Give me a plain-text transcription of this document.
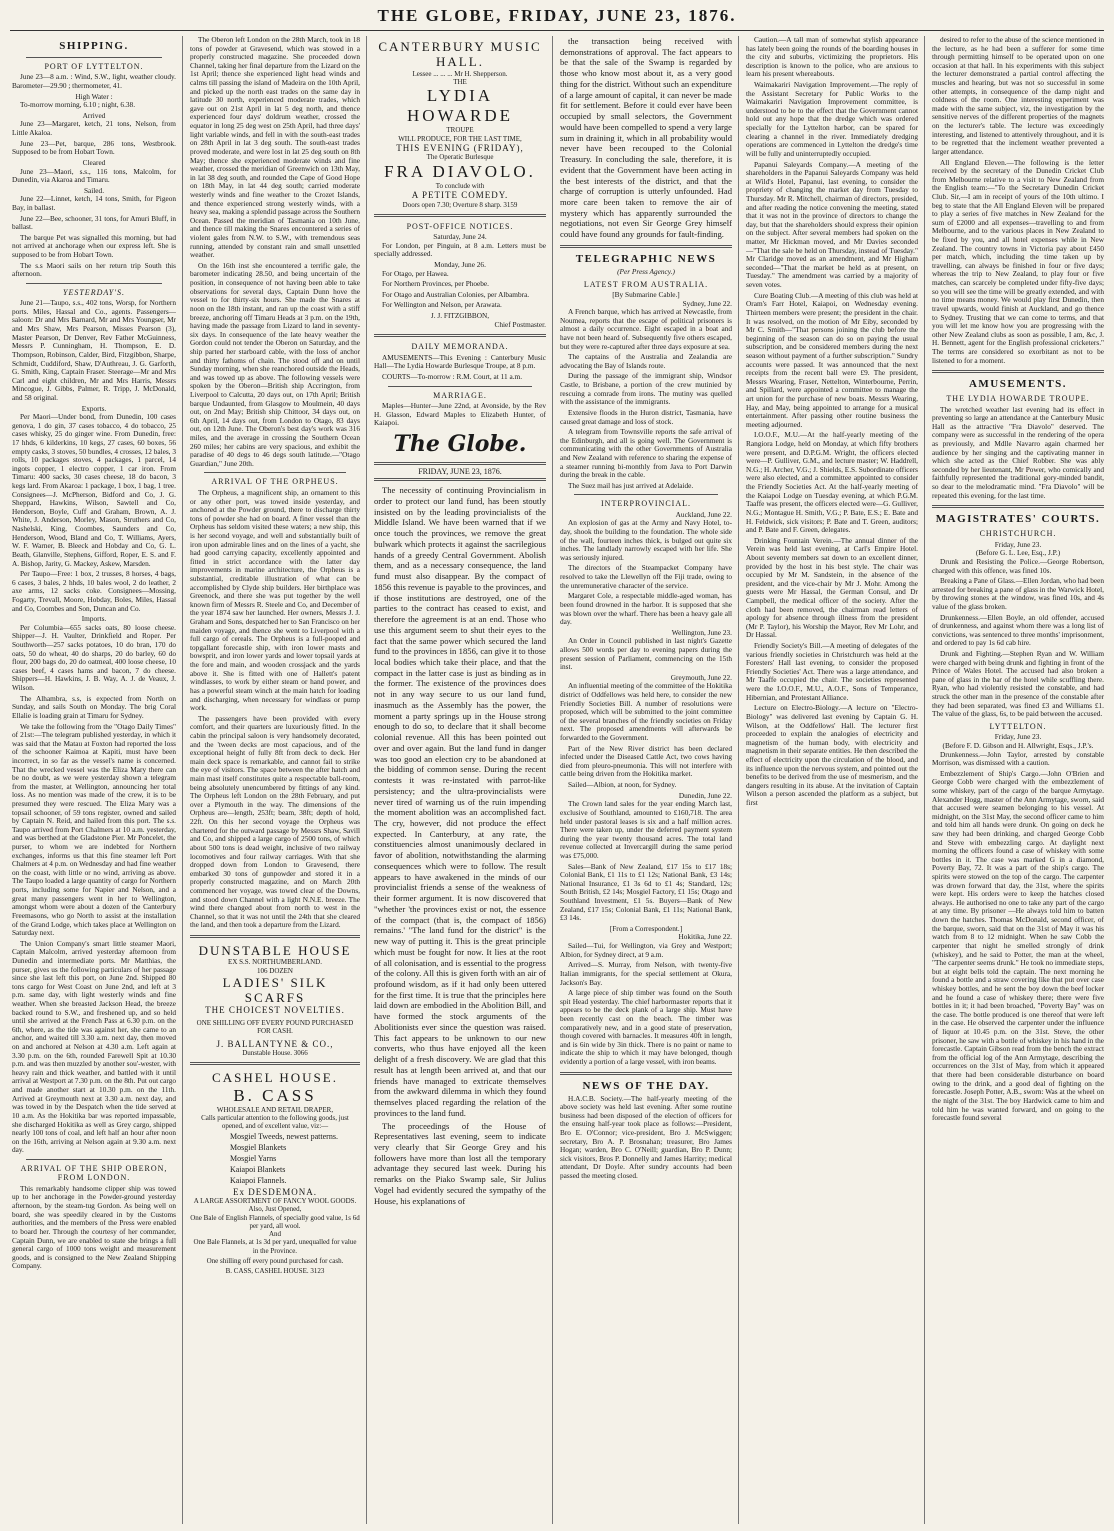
THE GLOBE, FRIDAY, JUNE 23, 1876.
SHIPPING.
PORT OF LYTTELTON.

June 23—8 a.m. : Wind, S.W., light, weather cloudy. Barometer—29.90 ; thermometer, 41.

High Water :

To-morrow morning, 6.10 ; night, 6.38.

Arrived

June 23—Margaret, ketch, 21 tons, Nelson, from Little Akaloa.

June 23—Pet, barque, 286 tons, Westbrook. Supposed to be from Hobart Town.

Cleared

June 23—Maori, s.s., 116 tons, Malcolm, for Dunedin, via Akaroa and Timaru.

Sailed.

June 22—Linnet, ketch, 14 tons, Smith, for Pigeon Bay, in ballast.

June 22—Bee, schooner, 31 tons, for Amuri Bluff, in ballast.

The barque Pet was signalled this morning, but had not arrived at anchorage when our express left. She is supposed to be from Hobart Town.

The s.s Maori sails on her return trip South this afternoon.

YESTERDAY'S.

June 21—Taupo, s.s., 402 tons, Worsp, for Northern ports. Miles, Hassal and Co., agents. Passengers—saloon: Dr and Mrs Barnard, Mr and Mrs Youngser, Mr and Mrs Shaw, Mrs Pearson, Misses Pearson (3), Master Pearson, Dr Denver, Rev Father McGuinness, Messrs P. Cunningham, H. Thompson, E. D. Thompson, Robinson, Calder, Bird, Fitzgibbon, Sharpe, Schmidt, Cuddiford, Shaw, D'Authreau, J. G. Garforth, G. Smith, King, Captain Fraser. Steerage—Mr and Mrs Carl and eight children, Mr and Mrs Harris, Messrs Mincogue, J. Gibbs, Palmer, R. Tripp, J. McDonald, and 58 original.

Exports.

Per Maori—Under bond, from Dunedin, 100 cases genova, 1 do gin, 37 cases tobacco, 4 do tobacco, 25 cases whisky, 25 do ginger wine. From Dunedin, free: 17 hhds, 6 kilderkins, 10 kegs, 27 cases, 60 boxes, 56 empty casks, 3 stoves, 50 bundles, 4 crosses, 12 bales, 3 rolls, 10 packages stoves, 4 packages, 1 parcel, 14 ingots copper, 1 electro copper, 1 car iron. From Timaru: 400 sacks, 30 cases cheese, 18 do bacon, 3 kegs lard. From Akaroa: 1 package, 1 box, 1 bag, 1 tree. Consignees—J. McPherson, Bidford and Co, J. G. Sheppard, Hawkins, Wilson, Sawtell and Co, Henderson, Boyle, Cuff and Graham, Brown, A. J. White, J. Anderson, Morley, Mason, Struthers and Co, Nashelski, King, Coombes, Saunders and Co, Henderson, Wood, Bland and Co, T. Williams, Ayers, W. F. Warner, B. Bleeck and Hobday and Co, G. L. Beath, Glanville, Stephens, Gifford, Roper, E. S. and F. A. Bishop, Jarity, G. Mackey, Askew, Marsden.

Per Taupo—Free: 1 box, 2 trusses, 8 horses, 4 bags, 6 cases, 3 bales, 2 hhds, 10 bales wool, 2 do leather, 2 axe arms, 12 sacks coke. Consignees—Mossing, Fogarty, Trevall, Moore, Hobday, Boles, Miles, Hassal and Co, Coombes and Son, Duncan and Co.

Imports.

Per Columbia—655 sacks oats, 80 loose cheese. Shipper—J. H. Vaulter, Drinkfield and Roper. Per Southworth—257 sacks potatoes, 10 do bran, 170 do oats, 50 do wheat, 40 do sharps, 20 do barley, 60 do flour, 200 bags do, 20 do oatmeal, 400 loose cheese, 10 cases beef, 4 cases hams and bacon, 7 do cheese. Shippers—H. Hawkins, J. B. Way, A. J. de Veaux, J. Wilson.

The Alhambra, s.s, is expected from North on Sunday, and sails South on Monday. The brig Coral Ellalie is loading grain at Timaru for Sydney.

We take the following from the "Otago Daily Times" of 21st:—The telegram published yesterday, in which it was said that the Matau at Foxton had reported the loss of the schooner Kaimoa at Kapiti, must have been incorrect, in so far as the vessel's name is concerned. That the wrecked vessel was the Eliza Mary there can be no doubt, as we were yesterday shown a telegram from the master, at Wellington, announcing her total loss. As no mention was made of the crew, it is to be presumed they were rescued. The Eliza Mary was a topsail schooner, of 59 tons register, owned and sailed by Captain N. Reid, and hailed from this port. The s.s. Taupo arrived from Port Chalmers at 10 a.m. yesterday, and was berthed at the Gladstone Pier. Mr Poncelet, the purser, to whom we are indebted for Northern exchanges, informs us that this fine steamer left Port Chalmers at 4 p.m. on Wednesday and had fine weather on the coast, with little or no wind, arriving as above. The Taupo loaded a large quantity of cargo for Northern ports, including some for Napier and Nelson, and a great many passengers went in her to Wellington, amongst whom were about a dozen of the Canterbury Freemasons, who go North to assist at the installation of the Grand Lodge, which takes place at Wellington on Saturday next.

The Union Company's smart little steamer Maori, Captain Malcolm, arrived yesterday afternoon from Dunedin and intermediate ports. Mr Matthias, the purser, gives us the following particulars of her passage since she last left this port, on June 2nd. Shipped 80 tons cargo for West Coast on June 2nd, and left at 3 p.m. same day, with light westerly winds and fine weather. When she breasted Jackson Head, the breeze backed round to S.W., and freshened up, and so held until she arrived at the French Pass at 6.30 p.m. on the 6th, where, as the tide was against her, she came to an anchor, and waited till 3.30 a.m. next day, then moved on and anchored at Nelson at 4.30 a.m. Left again at 3.30 p.m. on the 6th, rounded Farewell Spit at 10.30 p.m. and was then muzzled by another sou'-wester, with heavy rain and thick weather, and battled with it until arrival at Westport at 7.30 p.m. on the 8th. Put out cargo and made another start at 10.30 p.m. on the 11th. Arrived at Greymouth next at 3.30 a.m. next day, and was towed in by the Despatch when the tide served at 10 a.m. As the Hokitika bar was reported impassable, she discharged Hokitika as well as Grey cargo, shipped nearly 100 tons of coal, and left half an hour after noon on the 16th, arriving at Nelson again at 9.30 a.m. next day.

ARRIVAL OF THE SHIP OBERON, FROM LONDON.

This remarkably handsome clipper ship was towed up to her anchorage in the Powder-ground yesterday afternoon, by the steam-tug Gordon. As being well on board, she was speedily cleared in by the Customs authorities, and the members of the Press were enabled to board her. Through the courtesy of her commander, Captain Dunn, we are enabled to state she brings a full general cargo of 1000 tons weight and measurement goods, and is consigned to the New Zealand Shipping Company.

The Oberon left London on the 28th March, took in 18 tons of powder at Gravesend, which was stowed in a properly constructed magazine. She proceeded down Channel, taking her final departure from the Lizard on the 1st April; thence she experienced light head winds and calms till passing the island of Madeira on the 10th April, and picked up the north east trades on the same day in latitude 30 north, experienced moderate trades, which gave out on 21st April in lat 5 deg north, and thence experienced four days' doldrum weather, crossed the equator in long 25 deg west on 25th April, had three days' light variable winds, and fell in with the south-east trades on 28th April in lat 3 deg south. The south-east trades proved moderate, and were lost in lat 25 deg south on 8th May; thence she experienced moderate winds and fine weather, crossed the meridian of Greenwich on 13th May, in lat 38 deg south, and rounded the Cape of Good Hope on 18th May, in lat 44 deg south; carried moderate westerly winds and fine weather to the Crozet Islands, and thence experienced strong westerly winds, with a heavy sea, making a splendid passage across the Southern Ocean. Passed the meridian of Tasmania on 10th June, and thence till making the Snares encountered a series of violent gales from N.W. to S.W., with tremendous seas running, attended by constant rain and small unsettled weather.

On the 16th inst she encountered a terrific gale, the barometer indicating 28.50, and being uncertain of the position, in consequence of not having been able to take observations for several days, Captain Dunn hove the vessel to for thirty-six hours. She made the Snares at noon on the 18th instant, and ran up the coast with a stiff breeze, anchoring off Timaru Heads at 3 p.m. on the 19th, having made the passage from Lizard to land in seventy-six days. In consequence of the late heavy weather the Gordon could not tender the Oberon on Saturday, and the ship parted her starboard cable, with the loss of anchor and thirty fathoms of chain. The stood off and on until Sunday morning, when she reanchored outside the Heads, and was towed up as above. The following vessels were spoken by the Oberon—British ship Accrington, from Liverpool to Calcutta, 20 days out, on 17th April; British barque Undaunted, from Glasgow to Moulmein, 40 days out, on 2nd May; British ship Chittoor, 34 days out, on 6th April, 14 days out, from London to Otago, 83 days out, on 12th June. The Oberon's best day's work was 316 miles, and the average in crossing the Southern Ocean 260 miles; her cabins are very spacious, and exhibit the paradise of 40 degs to 46 degs south latitude.—"Otago Guardian," June 20th.

ARRIVAL OF THE ORPHEUS.

The Orpheus, a magnificent ship, an ornament to this or any other port, was towed inside yesterday, and anchored at the Powder ground, there to discharge thirty tons of powder she had on board. A finer vessel than the Orpheus has seldom visited these waters; a new ship, this is her second voyage, and well and substantially built of iron upon admirable lines and on the lines of a yacht, she had good carrying capacity, excellently appointed and fitted in strict accordance with the latter day improvements in marine architecture, the Orpheus is a substantial, creditable illustration of what can be accomplished by Clyde ship builders. Her birthplace was Greenock, and there she was put together by the well known firm of Messrs R. Steele and Co, and December of the year 1874 saw her launched. Her owners, Messrs J. J. Graham and Sons, despatched her to San Francisco on her maiden voyage, and thence she went to Liverpool with a full cargo of cereals. The Orpheus is a full-pooped and topgallant forecastle ship, with iron lower masts and bowsprit, and iron lower yards and lower topsail yards at the fore and main, and wooden crossjack and the yards above it. She is fitted with one of Hallett's patent windlasses, to work by either steam or hand power, and has a powerful steam winch at the main hatch for loading and discharging, when necessary for windlass or pump work.

The passengers have been provided with every comfort, and their quarters are luxuriously fitted. In the cabin the principal saloon is very handsomely decorated, and the 'tween decks are most capacious, and of the exceptional height of fully 8ft from deck to deck. Her main deck space is remarkable, and cannot fail to strike the eye of visitors. The space between the after hatch and main mast itself constitutes quite a respectable ball-room, being absolutely unencumbered by fittings of any kind. The Orpheus left London on the 28th February, and put over a Plymouth in the way. The dimensions of the Orpheus are—length, 253ft; beam, 38ft; depth of hold, 22ft. On this her second voyage the Orpheus was chartered for the outward passage by Messrs Shaw, Savill and Co, and shipped a large cargo of 2500 tons, of which about 500 tons is dead weight, inclusive of two railway locomotives and four railway carriages. With that she dropped down from London to Gravesend, there embarked 30 tons of gunpowder and stored it in a properly constructed magazine, and on March 20th commenced her voyage, was towed clear of the Downs, and stood down Channel with a light N.N.E. breeze. The wind there changed about from north to west in the Channel, so that it was not until the 24th that she cleared the land, and then took a departure from the Lizard.

DUNSTABLE HOUSE
EX S.S. NORTHUMBERLAND.
106 DOZEN
LADIES' SILK SCARFS
THE CHOICEST NOVELTIES.
ONE SHILLING OFF EVERY POUND PURCHASED FOR CASH.
J. BALLANTYNE & CO.,
Dunstable House. 3066
CASHEL HOUSE.
B. CASS
WHOLESALE AND RETAIL DRAPER,
Calls particular attention to the following goods, just opened, and of excellent value, viz:—
Mosgiel Tweeds, newest patterns.
Mosgiel Blankets
Mosgiel Yarns
Kaiapoi Blankets
Kaiapoi Flannels.
Ex DESDEMONA.
A LARGE ASSORTMENT OF FANCY WOOL GOODS.
Also, Just Opened,
One Bale of English Flannels, of specially good value, 1s 6d per yard, all wool.
And
One Bale Flannels, at 1s 3d per yard, unequalled for value in the Province.
One shilling off every pound purchased for cash.
B. CASS, CASHEL HOUSE. 3123
CANTERBURY MUSIC HALL.
Lessee ... ... ... Mr H. Shepperson.
THE
LYDIA HOWARDE
TROUPE
WILL PRODUCE, FOR THE LAST TIME,
THIS EVENING (FRIDAY),
The Operatic Burlesque
FRA DIAVOLO.
To conclude with
A PETITE COMEDY.
Doors open 7.30; Overture 8 sharp. 3159
POST-OFFICE NOTICES.
Saturday, June 24.

For London, per Pinguin, at 8 a.m. Letters must be specially addressed.

Monday, June 26.

For Otago, per Hawea.

For Northern Provinces, per Phoebe.

For Otago and Australian Colonies, per Albambra.

For Wellington and Nelson, per Arawata.

J. J. FITZGIBBON,
Chief Postmaster.
DAILY MEMORANDA.

AMUSEMENTS—This Evening : Canterbury Music Hall—The Lydia Howarde Burlesque Troupe, at 8 p.m.

COURTS—To-morrow : R.M. Court, at 11 a.m.

MARRIAGE.

Maples—Hunter—June 22nd, at Avonside, by the Rev H. Glasson, Edward Maples to Elizabeth Hunter, of Kaiapoi.

The Globe.
FRIDAY, JUNE 23, 1876.

The necessity of continuing Provincialism in order to protect our land fund, has been stoutly insisted on by the leading provincialists of the Middle Island. We have been warned that if we once touch the provinces, we remove the great bulwark which protects it against the sacrilegious hands of a greedy Central Government. Abolish them, and as a necessary consequence, the land fund must also disappear. By the compact of 1856 this revenue is payable to the provinces, and if those institutions are destroyed, one of the parties to the contract has ceased to exist, and therefore the agreement is at an end. Those who use this argument seem to shut their eyes to the fact that the same power which secured the land fund to the provinces in 1856, can give it to those local bodies which take their place, and that the compact in the latter case is just as binding as in the former. The existence of the provinces does not in any way secure to us our land fund, inasmuch as the Assembly has the power, the moment a party springs up in the House strong enough to do so, to declare that it shall become colonial revenue. All this has been pointed out over and over again. But the land fund in danger was too good an election cry to be abandoned at the bidding of common sense. During the recent contests it was re-instated with parrot-like persistency; and the ultra-provincialists were never tired of warning us of the ruin impending the moment abolition was an accomplished fact. The cry, however, did not produce the effect expected. In Canterbury, at any rate, the constituencies almost unanimously declared in favor of abolition, notwithstanding the alarming consequences which were to follow. The result appears to have awakened in the minds of our provincialist friends a sense of the weakness of their former argument. It is now discovered that "whether 'the provinces exist or not, the essence of the compact (that is, the compact of 1856) remains.' "The land fund for the district" is the new way of putting it. This is the great principle which must be fought for now. It lies at the root of all colonisation, and is essential to the progress of the colony. All this is given forth with an air of profound wisdom, as if it had only been uttered for the first time. It is true that the principles here laid down are embodied in the Abolition Bill, and have formed the stock arguments of the Abolitionists ever since the question was raised. This fact appears to be unknown to our new converts, who thus have enjoyed all the keen delight of a fresh discovery. We are glad that this result has at length been arrived at, and that our friends have managed to extricate themselves from the awkward dilemma in which they found themselves placed regarding the relation of the provinces to the land fund.

The proceedings of the House of Representatives last evening, seem to indicate very clearly that Sir George Grey and his followers have more than lost all the temporary advantage they secured last week. During his remarks on the Piako Swamp sale, Sir Julius Vogel had evidently secured the sympathy of the House, his explanations of

the transaction being received with demonstrations of approval. The fact appears to be that the sale of the Swamp is regarded by those who know most about it, as a very good thing for the district. Without such an expenditure of a large amount of capital, it can never be made fit for settlement. Before it could ever have been occupied by small selectors, the Government would have been compelled to spend a very large sum in draining it, which in all probability would never have been recouped to the Colonial Treasury. In concluding the sale, therefore, it is evident that the Government have been acting in the best interests of the district, and that the charge of corruption is utterly unfounded. Had more care been taken to remove the air of mystery which has apparently surrounded the negotiations, not even Sir George Grey himself could have found any grounds for fault-finding.

TELEGRAPHIC NEWS
(Per Press Agency.)
LATEST FROM AUSTRALIA.
[By Submarine Cable.]
Sydney, June 22.

A French barque, which has arrived at Newcastle, from Noumea, reports that the escape of political prisoners is almost a daily occurrence. Eight escaped in a boat and have not been heard of. Subsequently five others escaped, but they were re-captured after three days exposure at sea.

The captains of the Australia and Zealandia are advocating the Bay of Islands route.

During the passage of the immigrant ship, Windsor Castle, to Brisbane, a portion of the crew mutinied by rescuing a comrade from irons. The mutiny was quelled with the assistance of the immigrants.

Extensive floods in the Huron district, Tasmania, have caused great damage and loss of stock.

A telegram from Townsville reports the safe arrival of the Edinburgh, and all is going well. The Government is communicating with the other Governments of Australia and New Zealand with reference to sharing the expense of a steamer running bi-monthly from Java to Port Darwin during the break in the cable.

The Suez mail has just arrived at Adelaide.

INTERPROVINCIAL.
Auckland, June 22.

An explosion of gas at the Army and Navy Hotel, to-day, shook the building to the foundation. The whole side of the wall, fourteen inches thick, is bulged out quite six inches. The landlady narrowly escaped with her life. She was seriously injured.

The directors of the Steampacket Company have resolved to take the Llewellyn off the Fiji trade, owing to the unremunerative character of the service.

Margaret Cole, a respectable middle-aged woman, has been found drowned in the harbor. It is supposed that she was blown over the wharf. There has been a heavy gale all day.

Wellington, June 23.

An Order in Council published in last night's Gazette allows 500 words per day to evening papers during the present session of Parliament, commencing on the 15th inst.

Greymouth, June 22.

An influential meeting of the committee of the Hokitika district of Oddfellows was held here, to consider the new Friendly Societies Bill. A number of resolutions were proposed, which will be submitted to the joint committee of the several branches of the friendly societies on Friday next. The proposed amendments will afterwards be forwarded to the Government.

Part of the New River district has been declared infected under the Diseased Cattle Act, two cows having died from pleuro-pneumonia. This will not interfere with cattle being driven from the Hokitika market.

Sailed—Albion, at noon, for Sydney.

Dunedin, June 22.

The Crown land sales for the year ending March last, exclusive of Southland, amounted to £160,718. The area held under pastoral leases is six and a half million acres. There were taken up, under the deferred payment system during the year twenty thousand acres. The total land revenue collected at Invercargill during the same period was £75,000.

Sales—Bank of New Zealand, £17 15s to £17 18s; Colonial Bank, £1 11s to £1 12s; National Bank, £3 14s; National Insurance, £1 3s 6d to £1 4s; Standard, 12s; South British, £2 14s; Mosgiel Factory, £1 15s; Otago and Southland Investment, £1 5s. Buyers—Bank of New Zealand, £17 15s; Colonial Bank, £1 11s; National Bank, £3 14s.

[From a Correspondent.]
Hokitika, June 22.

Sailed—Tui, for Wellington, via Grey and Westport; Albion, for Sydney direct, at 9 a.m.

Arrived—S. Murray, from Nelson, with twenty-five Italian immigrants, for the special settlement at Okura, Jackson's Bay.

A large piece of ship timber was found on the South spit Head yesterday. The chief harbormaster reports that it appears to be the deck plank of a large ship. Must have been recently cast on the beach. The timber was comparatively new, and in a good state of preservation, though covered with barnacles. It measures 40ft in length, and is 6in wide by 3in thick. There is no paint or name to indicate the ship to which it may have belonged, though evidently a portion of a large vessel, with iron beams.

NEWS OF THE DAY.

H.A.C.B. Society.—The half-yearly meeting of the above society was held last evening. After some routine business had been disposed of the election of officers for the ensuing half-year took place as follows:—President, Bro E. O'Connor; vice-president, Bro J. McSwiggen; secretary, Bro A. P. Brosnahan; treasurer, Bro James Hogan; warden, Bro C. O'Neill; guardian, Bro P. Dunn; sick visitors, Bros P. Donnelly and James Harrity; medical attendant, Dr Doyle. After sundry accounts had been passed the meeting closed.

Caution.—A tall man of somewhat stylish appearance has lately been going the rounds of the boarding houses in the city and suburbs, victimizing the proprietors. His description is known to the police, who are anxious to learn his present whereabouts.

Waimakariri Navigation Improvement.—The reply of the Assistant Secretary for Public Works to the Waimakariri Navigation Improvement committee, is understood to be to the effect that the Government cannot hold out any hope that the dredge which was ordered specially for the Lyttelton harbor, can be spared for clearing a channel in the river. Immediately dredging operations are commenced in Lyttelton the dredge's time will be fully and uninterruptedly occupied.

Papanui Saleyards Company.—A meeting of the shareholders in the Papanui Saleyards Company was held at Wild's Hotel, Papanui, last evening, to consider the propriety of changing the market day from Tuesday to Thursday. Mr R. Mitchell, chairman of directors, presided, and after reading the notice convening the meeting, stated that it was not in the province of directors to change the day, but that the shareholders should express their opinion on the subject. After several members had spoken on the matter, Mr Hickman moved, and Mr Davies seconded—"That the sale be held on Thursday, instead of Tuesday." Mr Claridge moved as an amendment, and Mr Higham seconded—"That the market be held as at present, on Tuesday." The amendment was carried by a majority of seven votes.

Cure Boating Club.—A meeting of this club was held at Oram's Farr Hotel, Kaiapoi, on Wednesday evening. Thirteen members were present; the president in the chair. It was resolved, on the motion of Mr Eiby, seconded by Mr C. Smith—"That persons joining the club before the beginning of the season can do so on paying the usual subscription, and be considered members during the next season without payment of a further subscription." Sundry accounts were passed. It was announced that the next receipts from the recent ball were £9. The president, Messrs Wearing, Fraser, Nettelton, Winterbourne, Perrin, and Spillard, were appointed a committee to manage the art union for the purchase of new boats. Messrs Wearing, Hay, and May, being appointed to arrange for a musical entertainment. After passing other routine business the meeting adjourned.

I.O.O.F., M.U.—At the half-yearly meeting of the Rangiora Lodge, held on Monday, at which fifty brothers were present, and D.P.G.M. Wright, the officers elected were—P. Gulliver, G.M., and lecture master; W. Haddrell, N.G.; H. Archer, V.G.; J. Shields, E.S. Subordinate officers were also elected, and a committee appointed to consider the Friendly Societies Act. At the half-yearly meeting of the Kaiapoi Lodge on Tuesday evening, at which P.G.M. Taaffe was present, the officers elected were—G. Gulliver, N.G.; Montague H. Smith, V.G.; P. Bate, E.S.; E. Bate and H. Feldwick, sick visitors; P. Bate and T. Green, auditors; and P. Bate and F. Green, delegates.

Drinking Fountain Verein.—The annual dinner of the Verein was held last evening, at Carl's Empire Hotel. About seventy members sat down to an excellent dinner, provided by the host in his best style. The chair was occupied by Mr M. Sandstein, in the absence of the president, and the vice-chair by Mr J. Mohr. Among the guests were Mr Hassal, the German Consul, and Dr Campbell, the medical officer of the society. After the cloth had been removed, the chairman read letters of apology for absence through illness from the president (Mr P. Taylor), his Worship the Mayor, Rev Mr Lohr, and Dr Hassal.

Friendly Society's Bill.—A meeting of delegates of the various friendly societies in Christchurch was held at the Foresters' Hall last evening, to consider the proposed Friendly Societies' Act. There was a large attendance, and Mr Taaffe occupied the chair. The societies represented were the I.O.O.F., M.U., A.O.F., Sons of Temperance, Hibernian, and Protestant Alliance.

Lecture on Electro-Biology.—A lecture on "Electro-Biology" was delivered last evening by Captain G. H. Wilson, at the Oddfellows' Hall. The lecturer first proceeded to explain the analogies of electricity and magnetism of the human body, with electricity and magnetism in their separate entities. He then described the effect of electricity upon the circulation of the blood, and its influence upon the nervous system, and pointed out the benefits to be derived from the use of mesmerism, and the dangers resulting in its abuse. At the invitation of Captain Wilson a person ascended the platform as a subject, but first

desired to refer to the abuse of the science mentioned in the lecture, as he had been a sufferer for some time through permitting himself to be operated upon on one occasion at that hall. In his experiments with this subject the lecturer demonstrated a partial control affecting the muscles and hearing, but was not so successful in some other attempts, in consequence of the damp night and coldness of the room. One interesting experiment was made with the same subject, viz, the investigation by the sensitive nerves of the different properties of the magnets on the lecturer's table. The lecture was exceedingly interesting, and listened to attentively throughout, and it is to be regretted that the inclement weather prevented a larger attendance.

All England Eleven.—The following is the letter received by the secretary of the Dunedin Cricket Club from Melbourne relative to a visit to New Zealand from the English team:—"To the Secretary Dunedin Cricket Club. Sir,—I am in receipt of yours of the 10th ultimo. I beg to state that the All England Eleven will be prepared to play a series of five matches in New Zealand for the sum of £2000 and all expenses—travelling to and from Melbourne, and to the various places in New Zealand to be fixed by you, and all hotel expenses while in New Zealand. The country towns in Victoria pay about £450 per match, which, including the time taken up by travelling, can always be finished in four or five days; whereas the trip to New Zealand, to play four or five matches, can scarcely be completed under fifty-five days; so you will see the time will be greatly extended, and with no time means money. We would play first Dunedin, then travel upwards, would finish at Auckland, and go thence to Sydney. Trusting that we can come to terms, and that you will let me know how you are progressing with the other New Zealand clubs as soon as possible, I am, &c, J. H. Bennett, agent for the English professional cricketers." The terms are considered so exorbitant as not to be listened to for a moment.

AMUSEMENTS.
THE LYDIA HOWARDE TROUPE.

The wretched weather last evening had its effect in preventing so large an attendance at the Canterbury Music Hall as the attractive "Fra Diavolo" deserved. The company were as successful in the rendering of the opera as previously, and Mdlle Navarro again charmed her audience by her singing and the captivating manner in which she acted as the Chief Robber. She was ably seconded by her lieutenant, Mr Power, who comically and faithfully represented the traditional gory-minded bandit, so dear to the melodramatic mind. "Fra Diavolo" will be repeated this evening, for the last time.

MAGISTRATES' COURTS.
CHRISTCHURCH.
Friday, June 23.
(Before G. L. Lee, Esq., J.P.)

Drunk and Resisting the Police.—George Robertson, charged with this offence, was fined 10s.

Breaking a Pane of Glass.—Ellen Jordan, who had been arrested for breaking a pane of glass in the Warwick Hotel, by throwing stones at the window, was fined 10s, and 4s value of the glass broken.

Drunkenness.—Ellen Boyle, an old offender, accused of drunkenness, and against whom there was a long list of convictions, was sentenced to three months' imprisonment, and ordered to pay 1s 6d cab hire.

Drunk and Fighting.—Stephen Ryan and W. William were charged with being drunk and fighting in front of the Prince of Wales Hotel. The accused had also broken a pane of glass in the bar of the hotel while scuffling there. Ryan, who had violently resisted the constable, and had struck the other man in the presence of the constable after they had been separated, was fined £3 and Williams £1. The value of the glass, 6s, to be paid between the accused.

LYTTELTON.
Friday, June 23.
(Before F. D. Gibson and H. Allwright, Esqs., J.P.'s.

Drunkenness.—John Taylor, arrested by constable Morrison, was dismissed with a caution.

Embezzlement of Ship's Cargo.—John O'Brien and George Cobb were charged with the embezzlement of some whiskey, part of the cargo of the barque Armytage. Alexander Hogg, master of the Ann Armytage, sworn, said that accused were seamen belonging to his vessel. At midnight, on the 31st May, the second officer came to him and told him all hands were drunk. On going on deck he saw they had been drinking, and charged George Cobb and Steve with embezzling cargo. At daylight next morning the officers found a case of whiskey with some bottles in it. The case was marked G in a diamond, Poverty Bay, 72. It was a part of the ship's cargo. The spirits were stowed on the top of the cargo. The carpenter was drown forward that day, the 31st, where the spirits were kept. His orders were to keep the hatches closed always. He authorised no one to take any part of the cargo at any time. By prisoner —He always told him to batten down the hatches. Thomas McDonald, second officer, of the barque, sworn, said that on the 31st of May it was his watch from 8 to 12 midnight. When he saw Cobb the carpenter that night he smelled strongly of drink (whiskey), and he said to Potter, the man at the wheel, "The carpenter seems drunk." He took no immediate steps, but at eight bells told the captain. The next morning he found a bottle and a straw covering like that put over case whiskey bottles, and he sent the boy down the beef locker and he found a case of whiskey there; there were five bottles in it; it had been broached, "Poverty Bay" was on the case. The bottle produced is one thereof that were left in the case. He observed the carpenter under the influence of liquor at 10.45 p.m. on the 31st. Steve, the other prisoner, he saw with a bottle of whiskey in his hand in the forecastle. Captain Gibson read from the bench the extract from the official log of the Ann Armytage, describing the occurrences on the 31st of May, from which it appeared that there had been considerable disturbance on board owing to the drink, and a good deal of fighting on the forecastle. Joseph Potter, A.B., sworn: Was at the wheel on the night of the 31st. The boy Hardwick came to him and told him he was wanted forward, and on going to the forecastle found several
